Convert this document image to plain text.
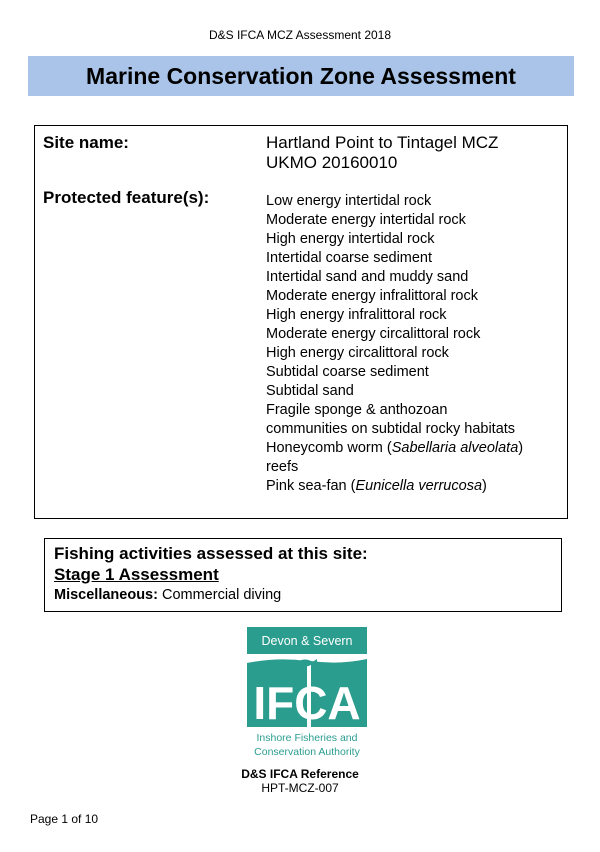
D&S IFCA MCZ Assessment 2018
Marine Conservation Zone Assessment
Site name:	Hartland Point to Tintagel MCZ
UKMO 20160010
Protected feature(s):	Low energy intertidal rock
Moderate energy intertidal rock
High energy intertidal rock
Intertidal coarse sediment
Intertidal sand and muddy sand
Moderate energy infralittoral rock
High energy infralittoral rock
Moderate energy circalittoral rock
High energy circalittoral rock
Subtidal coarse sediment
Subtidal sand
Fragile sponge & anthozoan
communities on subtidal rocky habitats
Honeycomb worm (Sabellaria alveolata)
reefs
Pink sea-fan (Eunicella verrucosa)
Fishing activities assessed at this site:
Stage 1 Assessment
Miscellaneous: Commercial diving
Devon & Severn
IFCA
Inshore Fisheries and
Conservation Authority
D&S IFCA Reference
HPT-MCZ-007
Page 1 of 10
